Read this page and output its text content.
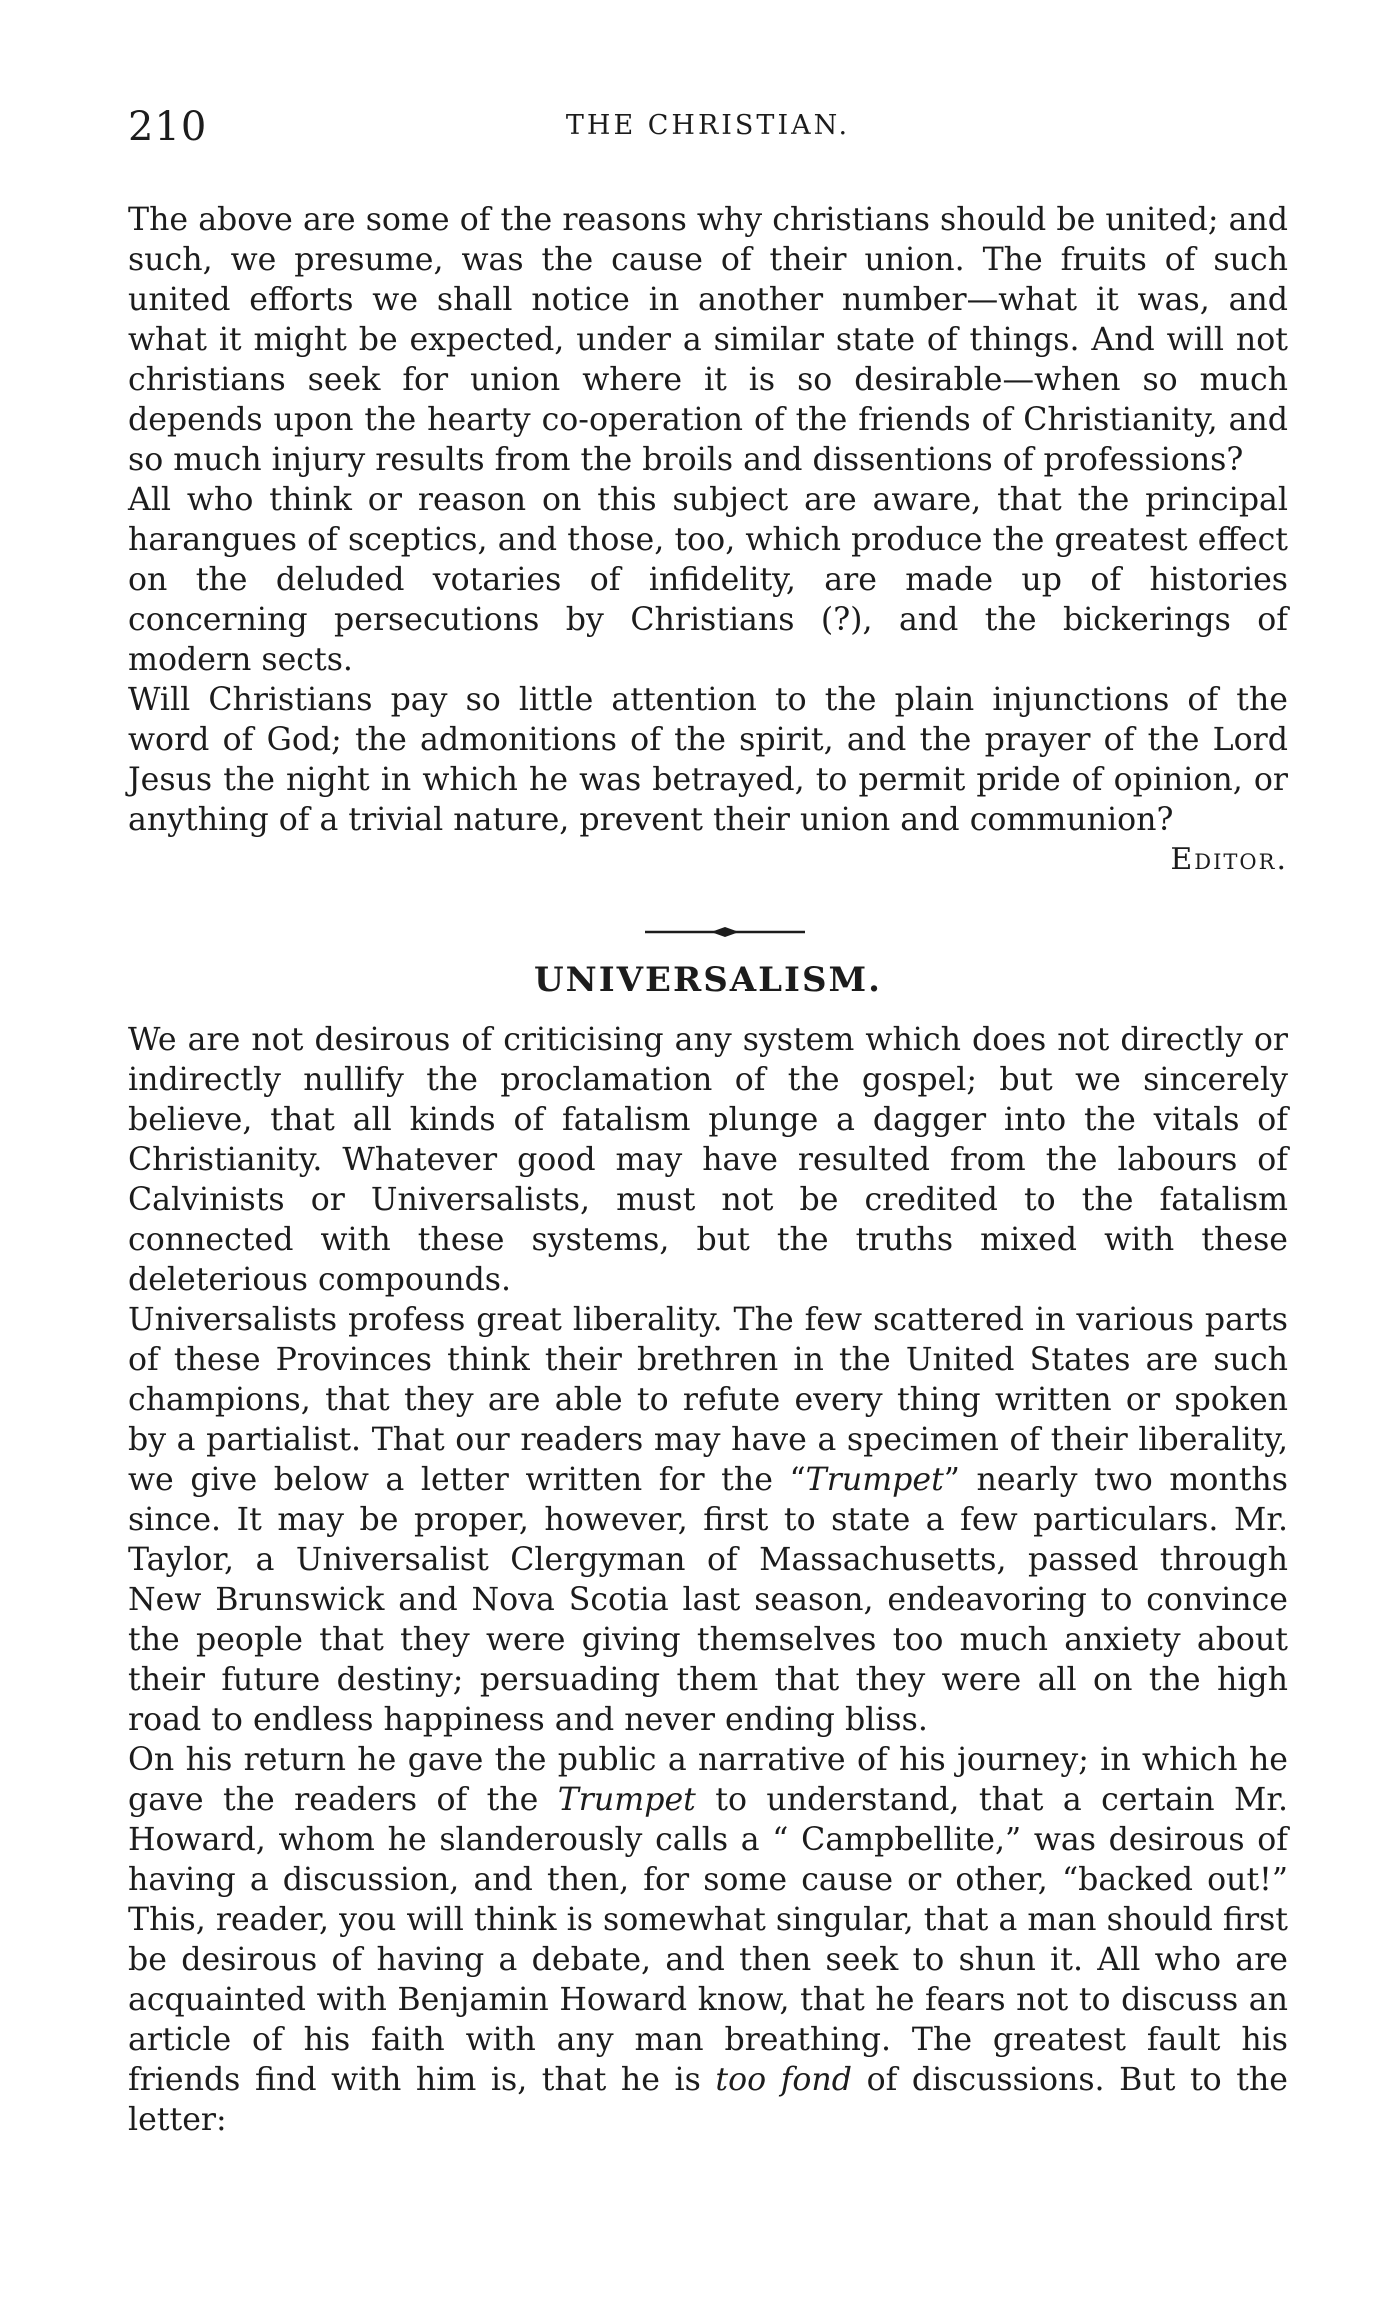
210	THE CHRISTIAN.

The above are some of the reasons why christians should be united; and such, we presume, was the cause of their union. The fruits of such united efforts we shall notice in another number—what it was, and what it might be expected, under a similar state of things. And will not christians seek for union where it is so desirable—when so much depends upon the hearty co-operation of the friends of Christianity, and so much injury results from the broils and dissentions of professions?

All who think or reason on this subject are aware, that the principal harangues of sceptics, and those, too, which produce the greatest effect on the deluded votaries of infidelity, are made up of histories concerning persecutions by Christians (?), and the bickerings of modern sects.

Will Christians pay so little attention to the plain injunctions of the word of God; the admonitions of the spirit, and the prayer of the Lord Jesus the night in which he was betrayed, to permit pride of opinion, or anything of a trivial nature, prevent their union and communion?

Editor.

UNIVERSALISM.

We are not desirous of criticising any system which does not directly or indirectly nullify the proclamation of the gospel; but we sincerely believe, that all kinds of fatalism plunge a dagger into the vitals of Christianity. Whatever good may have resulted from the labours of Calvinists or Universalists, must not be credited to the fatalism connected with these systems, but the truths mixed with these deleterious compounds.

Universalists profess great liberality. The few scattered in various parts of these Provinces think their brethren in the United States are such champions, that they are able to refute every thing written or spoken by a partialist. That our readers may have a specimen of their liberality, we give below a letter written for the “Trumpet” nearly two months since. It may be proper, however, first to state a few particulars. Mr. Taylor, a Universalist Clergyman of Massachusetts, passed through New Brunswick and Nova Scotia last season, endeavoring to convince the people that they were giving themselves too much anxiety about their future destiny; persuading them that they were all on the high road to endless happiness and never ending bliss.

On his return he gave the public a narrative of his journey; in which he gave the readers of the Trumpet to understand, that a certain Mr. Howard, whom he slanderously calls a “ Campbellite,” was desirous of having a discussion, and then, for some cause or other, “backed out!” This, reader, you will think is somewhat singular, that a man should first be desirous of having a debate, and then seek to shun it. All who are acquainted with Benjamin Howard know, that he fears not to discuss an article of his faith with any man breathing. The greatest fault his friends find with him is, that he is too fond of discussions. But to the letter:
